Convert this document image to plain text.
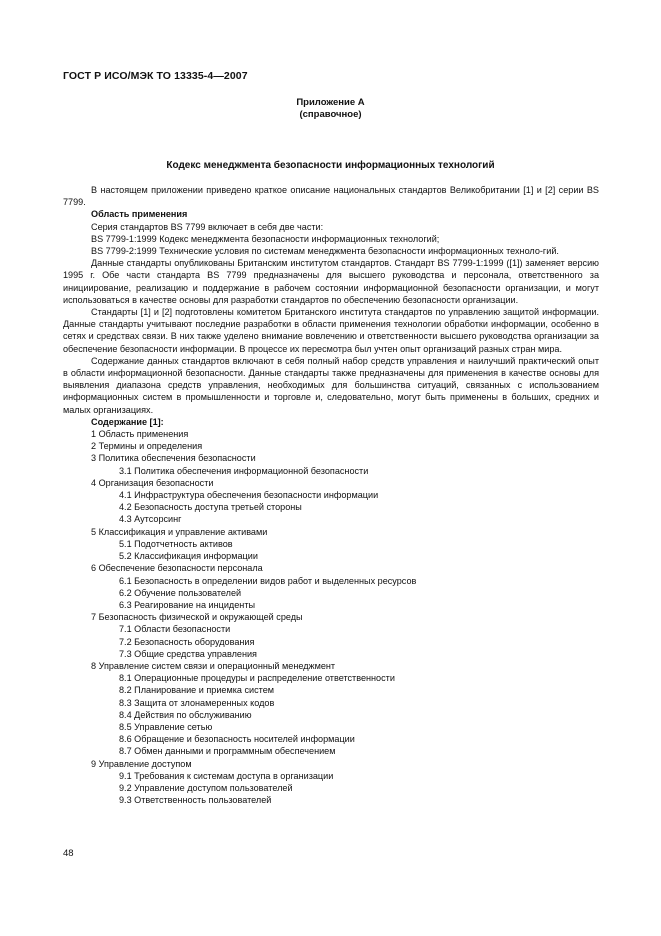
ГОСТ Р ИСО/МЭК ТО 13335-4—2007
Приложение А
(справочное)
Кодекс менеджмента безопасности информационных технологий

В настоящем приложении приведено краткое описание национальных стандартов Великобритании [1] и [2] серии BS 7799.

Область применения

Серия стандартов BS 7799 включает в себя две части:

BS 7799-1:1999 Кодекс менеджмента безопасности информационных технологий;

BS 7799-2:1999 Технические условия по системам менеджмента безопасности информационных техноло-гий.

Данные стандарты опубликованы Британским институтом стандартов. Стандарт BS 7799-1:1999 ([1]) заменяет версию 1995 г. Обе части стандарта BS 7799 предназначены для высшего руководства и персонала, ответственного за инициирование, реализацию и поддержание в рабочем состоянии информационной безопасности организации, и могут использоваться в качестве основы для разработки стандартов по обеспечению безопасности организации.

Стандарты [1] и [2] подготовлены комитетом Британского института стандартов по управлению защитой информации. Данные стандарты учитывают последние разработки в области применения технологии обработки информации, особенно в сетях и средствах связи. В них также уделено внимание вовлечению и ответственности высшего руководства организации за обеспечение безопасности информации. В процессе их пересмотра был учтен опыт организаций разных стран мира.

Содержание данных стандартов включают в себя полный набор средств управления и наилучший практический опыт в области информационной безопасности. Данные стандарты также предназначены для применения в качестве основы для выявления диапазона средств управления, необходимых для большинства ситуаций, связанных с использованием информационных систем в промышленности и торговле и, следовательно, могут быть применены в больших, средних и малых организациях.

Содержание [1]:

1 Область применения
2 Термины и определения
3 Политика обеспечения безопасности
3.1 Политика обеспечения информационной безопасности
4 Организация безопасности
4.1 Инфраструктура обеспечения безопасности информации
4.2 Безопасность доступа третьей стороны
4.3 Аутсорсинг
5 Классификация и управление активами
5.1 Подотчетность активов
5.2 Классификация информации
6 Обеспечение безопасности персонала
6.1 Безопасность в определении видов работ и выделенных ресурсов
6.2 Обучение пользователей
6.3 Реагирование на инциденты
7 Безопасность физической и окружающей среды
7.1 Области безопасности
7.2 Безопасность оборудования
7.3 Общие средства управления
8 Управление систем связи и операционный менеджмент
8.1 Операционные процедуры и распределение ответственности
8.2 Планирование и приемка систем
8.3 Защита от злонамеренных кодов
8.4 Действия по обслуживанию
8.5 Управление сетью
8.6 Обращение и безопасность носителей информации
8.7 Обмен данными и программным обеспечением
9 Управление доступом
9.1 Требования к системам доступа в организации
9.2 Управление доступом пользователей
9.3 Ответственность пользователей
48
